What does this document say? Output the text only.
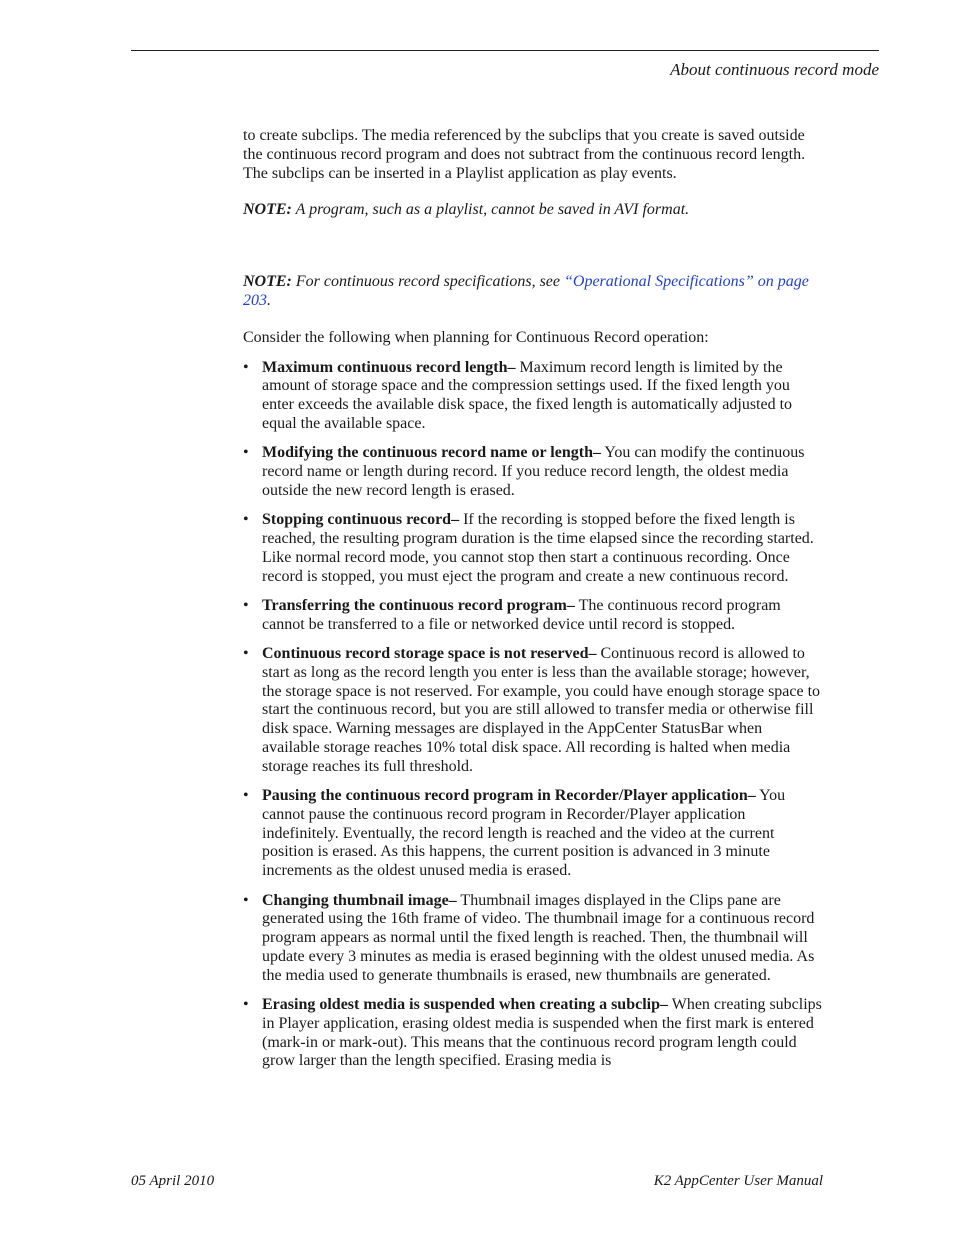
About continuous record mode

to create subclips. The media referenced by the subclips that you create is saved outside the continuous record program and does not subtract from the continuous record length. The subclips can be inserted in a Playlist application as play events.

NOTE: A program, such as a playlist, cannot be saved in AVI format.

NOTE: For continuous record specifications, see “Operational Specifications” on page 203.

Consider the following when planning for Continuous Record operation:

• Maximum continuous record length– Maximum record length is limited by the amount of storage space and the compression settings used. If the fixed length you enter exceeds the available disk space, the fixed length is automatically adjusted to equal the available space.
• Modifying the continuous record name or length– You can modify the continuous record name or length during record. If you reduce record length, the oldest media outside the new record length is erased.
• Stopping continuous record– If the recording is stopped before the fixed length is reached, the resulting program duration is the time elapsed since the recording started. Like normal record mode, you cannot stop then start a continuous recording. Once record is stopped, you must eject the program and create a new continuous record.
• Transferring the continuous record program– The continuous record program cannot be transferred to a file or networked device until record is stopped.
• Continuous record storage space is not reserved– Continuous record is allowed to start as long as the record length you enter is less than the available storage; however, the storage space is not reserved. For example, you could have enough storage space to start the continuous record, but you are still allowed to transfer media or otherwise fill disk space. Warning messages are displayed in the AppCenter StatusBar when available storage reaches 10% total disk space. All recording is halted when media storage reaches its full threshold.
• Pausing the continuous record program in Recorder/Player application– You cannot pause the continuous record program in Recorder/Player application indefinitely. Eventually, the record length is reached and the video at the current position is erased. As this happens, the current position is advanced in 3 minute increments as the oldest unused media is erased.
• Changing thumbnail image– Thumbnail images displayed in the Clips pane are generated using the 16th frame of video. The thumbnail image for a continuous record program appears as normal until the fixed length is reached. Then, the thumbnail will update every 3 minutes as media is erased beginning with the oldest unused media. As the media used to generate thumbnails is erased, new thumbnails are generated.
• Erasing oldest media is suspended when creating a subclip– When creating subclips in Player application, erasing oldest media is suspended when the first mark is entered (mark-in or mark-out). This means that the continuous record program length could grow larger than the length specified. Erasing media is
05 April 2010	K2 AppCenter User Manual
